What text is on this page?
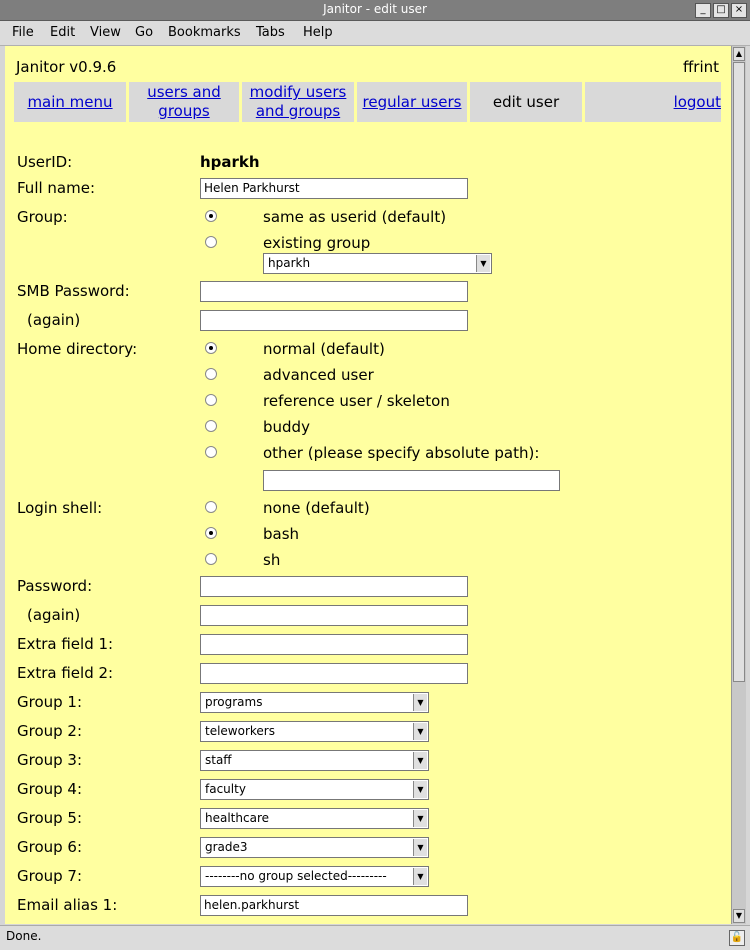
Janitor - edit user	_	□ ×
File Edit View Go Bookmarks Tabs Help
Janitor v0.9.6	ffrint
main menu
users and
groups
modify users
and groups
regular users	edit user	logout
UserID:	hparkh
Full name:	Helen Parkhurst
Group:	same as userid (default)
existing group
hparkh	▼
SMB Password:
(again)
Home directory:	normal (default)
advanced user
reference user / skeleton
buddy
other (please specify absolute path):
Login shell:	none (default)
bash
sh
Password:
(again)
Extra field 1:
Extra field 2:
Group 1:	programs	▼
Group 2:	teleworkers	▼
Group 3:	staff	▼
Group 4:	faculty	▼
Group 5:	healthcare	▼
Group 6:	grade3	▼
Group 7:	--------no group selected---------	▼
Email alias 1:	helen.parkhurst
▲
▼
Done.	🔓
